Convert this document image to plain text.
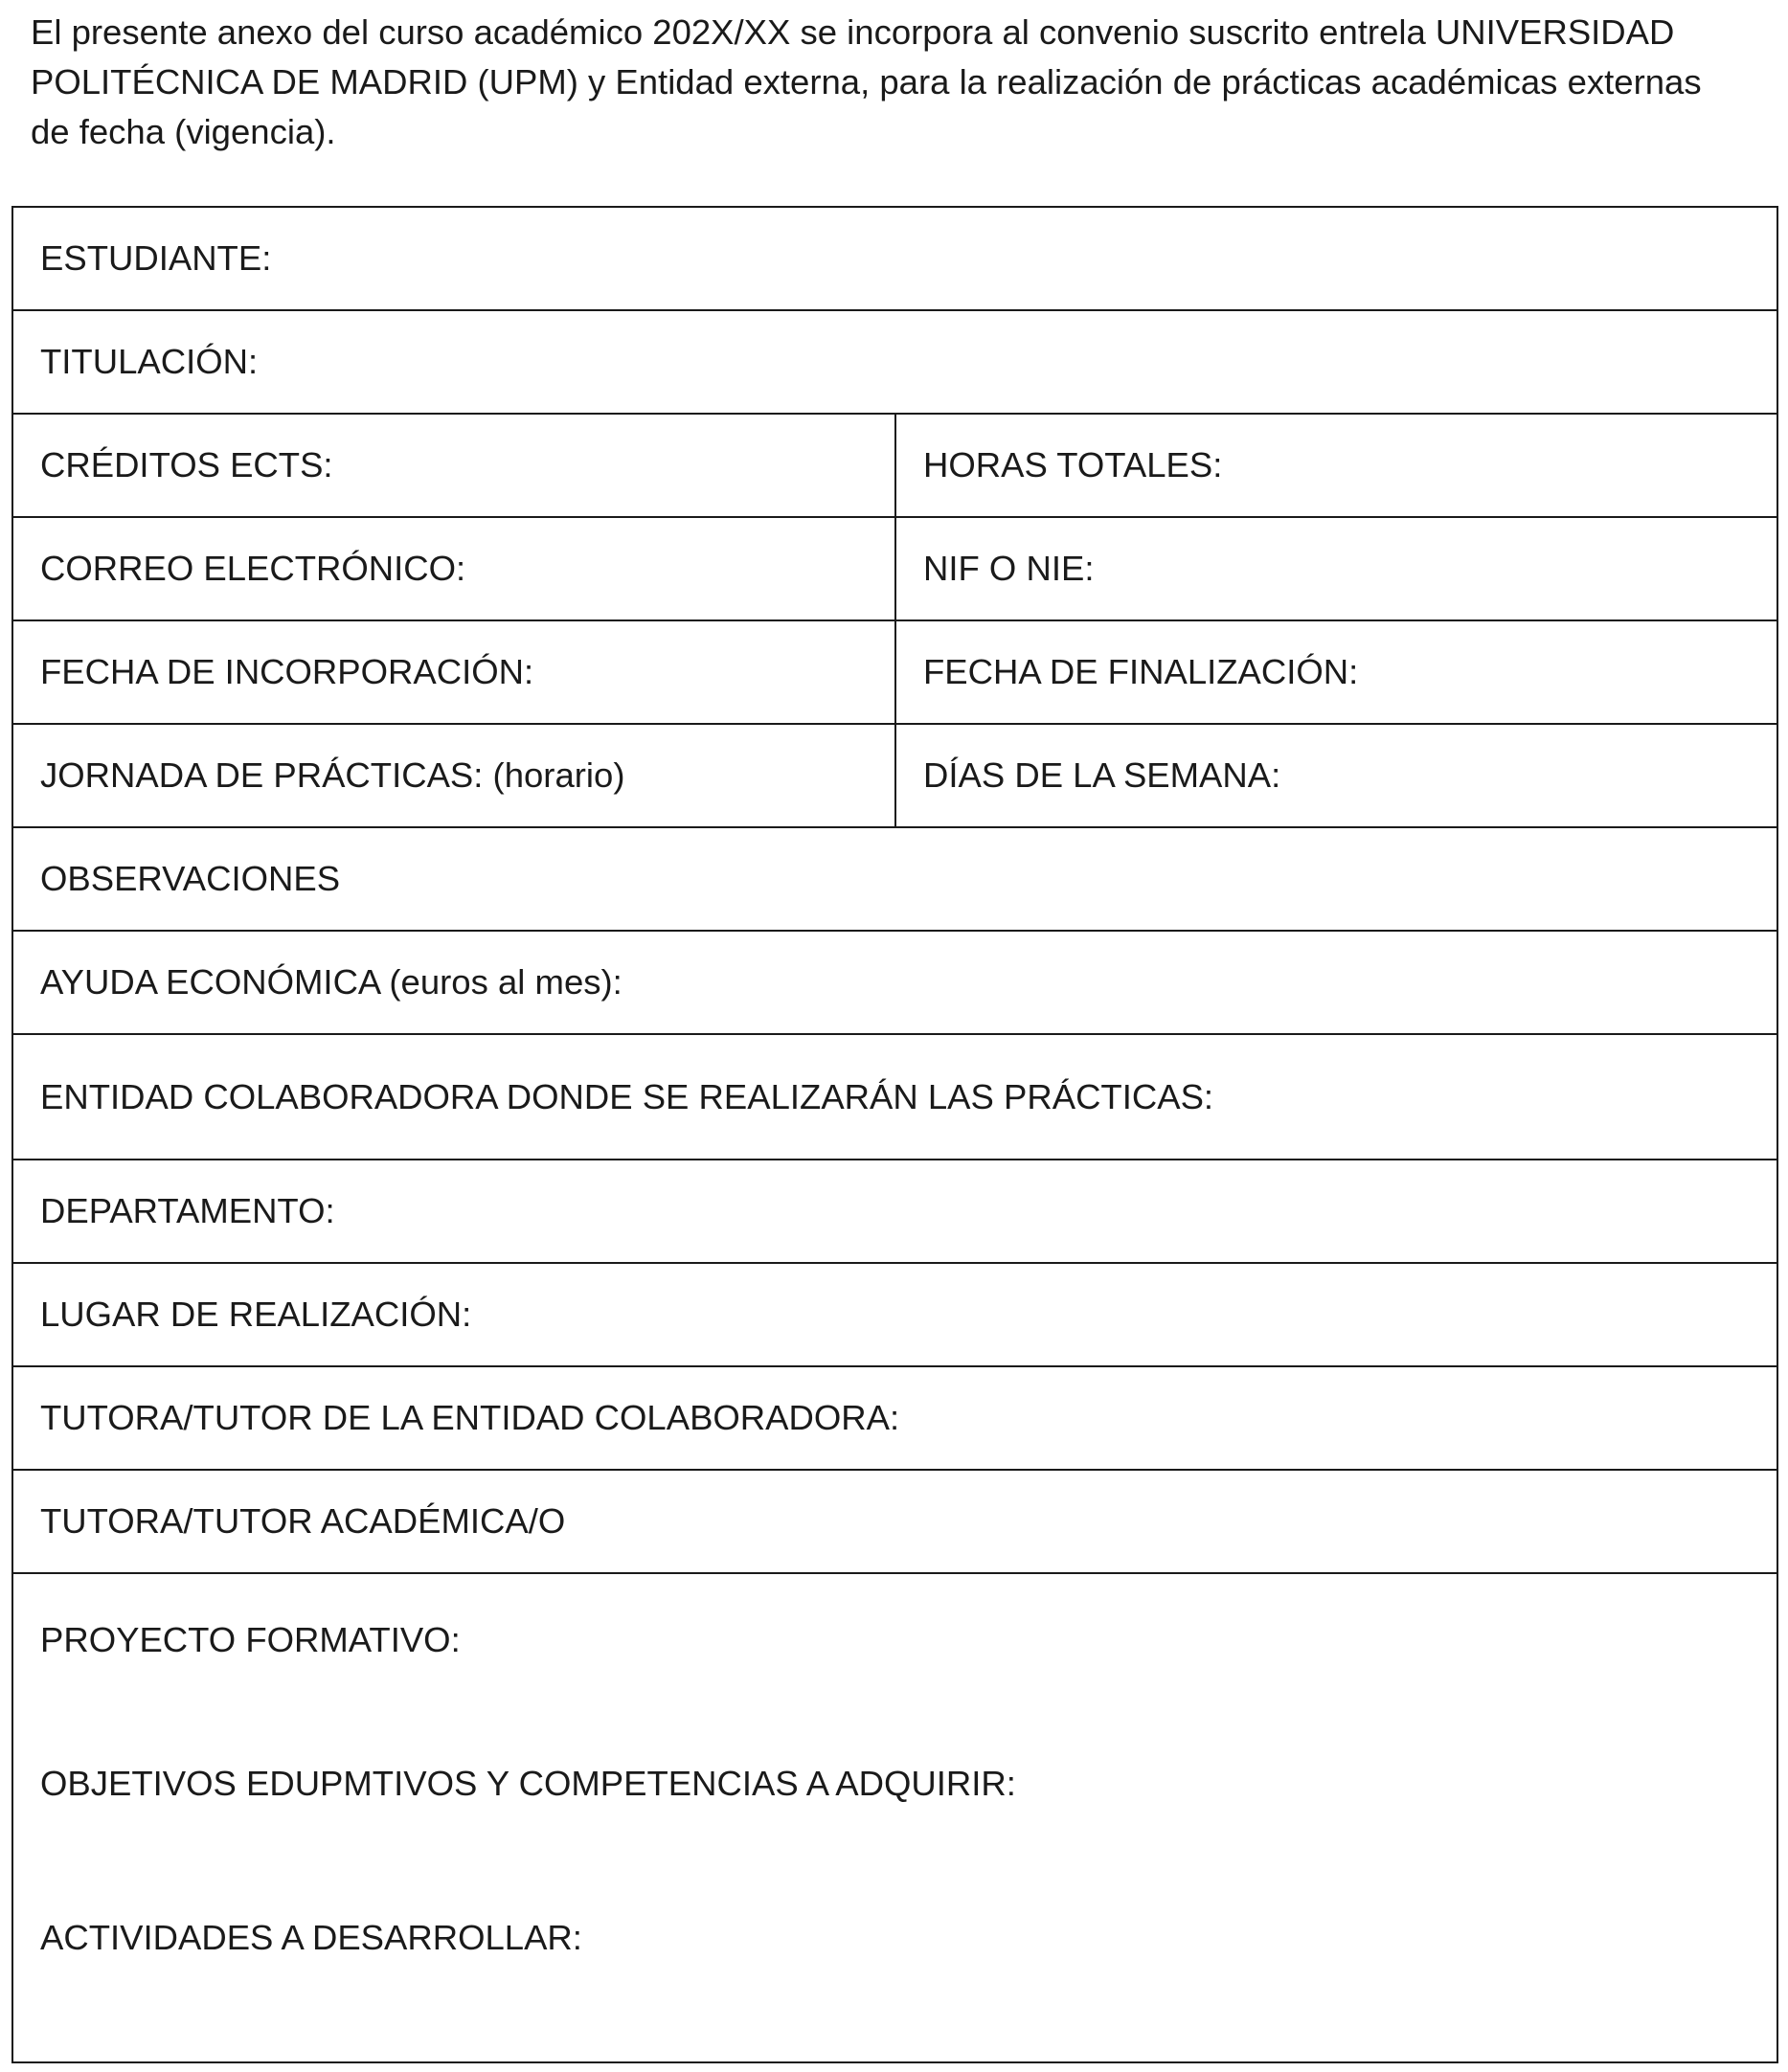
El presente anexo del curso académico 202X/XX se incorpora al convenio suscrito entrela UNIVERSIDAD
POLITÉCNICA DE MADRID (UPM) y Entidad externa, para la realización de prácticas académicas externas
de fecha (vigencia).
ESTUDIANTE:
TITULACIÓN:
CRÉDITOS ECTS:	HORAS TOTALES:
CORREO ELECTRÓNICO:	NIF O NIE:
FECHA DE INCORPORACIÓN:	FECHA DE FINALIZACIÓN:
JORNADA DE PRÁCTICAS: (horario)	DÍAS DE LA SEMANA:
OBSERVACIONES
AYUDA ECONÓMICA (euros al mes):
ENTIDAD COLABORADORA DONDE SE REALIZARÁN LAS PRÁCTICAS:
DEPARTAMENTO:
LUGAR DE REALIZACIÓN:
TUTORA/TUTOR DE LA ENTIDAD COLABORADORA:
TUTORA/TUTOR ACADÉMICA/O
PROYECTO FORMATIVO:
OBJETIVOS EDUPMTIVOS Y COMPETENCIAS A ADQUIRIR:
ACTIVIDADES A DESARROLLAR:
